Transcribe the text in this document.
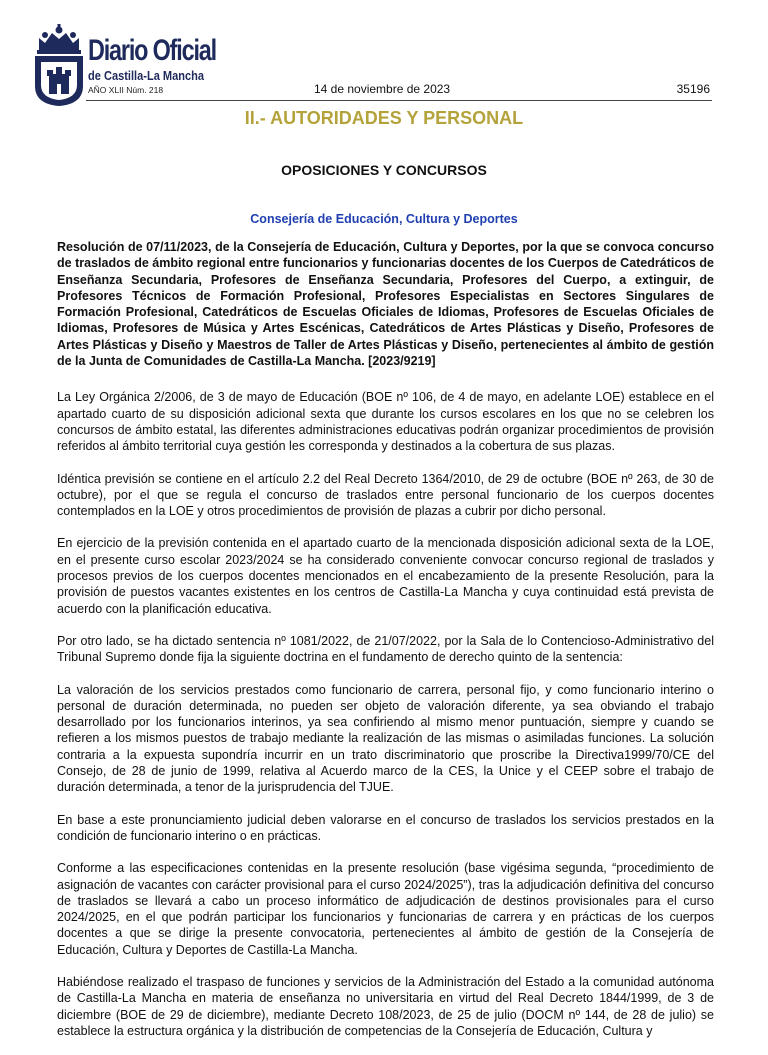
Diario Oficial
de Castilla-La Mancha
AÑO XLII Núm. 218	14 de noviembre de 2023	35196
II.- AUTORIDADES Y PERSONAL
OPOSICIONES Y CONCURSOS
Consejería de Educación, Cultura y Deportes

Resolución de 07/11/2023, de la Consejería de Educación, Cultura y Deportes, por la que se convoca concurso de traslados de ámbito regional entre funcionarios y funcionarias docentes de los Cuerpos de Catedráticos de Enseñanza Secundaria, Profesores de Enseñanza Secundaria, Profesores del Cuerpo, a extinguir, de Profesores Técnicos de Formación Profesional, Profesores Especialistas en Sectores Singulares de Formación Profesional, Catedráticos de Escuelas Oficiales de Idiomas, Profesores de Escuelas Oficiales de Idiomas, Profesores de Música y Artes Escénicas, Catedráticos de Artes Plásticas y Diseño, Profesores de Artes Plásticas y Diseño y Maestros de Taller de Artes Plásticas y Diseño, pertenecientes al ámbito de gestión de la Junta de Comunidades de Castilla-La Mancha. [2023/9219]

La Ley Orgánica 2/2006, de 3 de mayo de Educación (BOE nº 106, de 4 de mayo, en adelante LOE) establece en el apartado cuarto de su disposición adicional sexta que durante los cursos escolares en los que no se celebren los concursos de ámbito estatal, las diferentes administraciones educativas podrán organizar procedimientos de provisión referidos al ámbito territorial cuya gestión les corresponda y destinados a la cobertura de sus plazas.

Idéntica previsión se contiene en el artículo 2.2 del Real Decreto 1364/2010, de 29 de octubre (BOE nº 263, de 30 de octubre), por el que se regula el concurso de traslados entre personal funcionario de los cuerpos docentes contemplados en la LOE y otros procedimientos de provisión de plazas a cubrir por dicho personal.

En ejercicio de la previsión contenida en el apartado cuarto de la mencionada disposición adicional sexta de la LOE, en el presente curso escolar 2023/2024 se ha considerado conveniente convocar concurso regional de traslados y procesos previos de los cuerpos docentes mencionados en el encabezamiento de la presente Resolución, para la provisión de puestos vacantes existentes en los centros de Castilla-La Mancha y cuya continuidad está prevista de acuerdo con la planificación educativa.

Por otro lado, se ha dictado sentencia nº 1081/2022, de 21/07/2022, por la Sala de lo Contencioso-Administrativo del Tribunal Supremo donde fija la siguiente doctrina en el fundamento de derecho quinto de la sentencia:

La valoración de los servicios prestados como funcionario de carrera, personal fijo, y como funcionario interino o personal de duración determinada, no pueden ser objeto de valoración diferente, ya sea obviando el trabajo desarrollado por los funcionarios interinos, ya sea confiriendo al mismo menor puntuación, siempre y cuando se refieren a los mismos puestos de trabajo mediante la realización de las mismas o asimiladas funciones. La solución contraria a la expuesta supondría incurrir en un trato discriminatorio que proscribe la Directiva1999/70/CE del Consejo, de 28 de junio de 1999, relativa al Acuerdo marco de la CES, la Unice y el CEEP sobre el trabajo de duración determinada, a tenor de la jurisprudencia del TJUE.

En base a este pronunciamiento judicial deben valorarse en el concurso de traslados los servicios prestados en la condición de funcionario interino o en prácticas.

Conforme a las especificaciones contenidas en la presente resolución (base vigésima segunda, “procedimiento de asignación de vacantes con carácter provisional para el curso 2024/2025”), tras la adjudicación definitiva del concurso de traslados se llevará a cabo un proceso informático de adjudicación de destinos provisionales para el curso 2024/2025, en el que podrán participar los funcionarios y funcionarias de carrera y en prácticas de los cuerpos docentes a que se dirige la presente convocatoria, pertenecientes al ámbito de gestión de la Consejería de Educación, Cultura y Deportes de Castilla-La Mancha.

Habiéndose realizado el traspaso de funciones y servicios de la Administración del Estado a la comunidad autónoma de Castilla-La Mancha en materia de enseñanza no universitaria en virtud del Real Decreto 1844/1999, de 3 de diciembre (BOE de 29 de diciembre), mediante Decreto 108/2023, de 25 de julio (DOCM nº 144, de 28 de julio) se establece la estructura orgánica y la distribución de competencias de la Consejería de Educación, Cultura y
